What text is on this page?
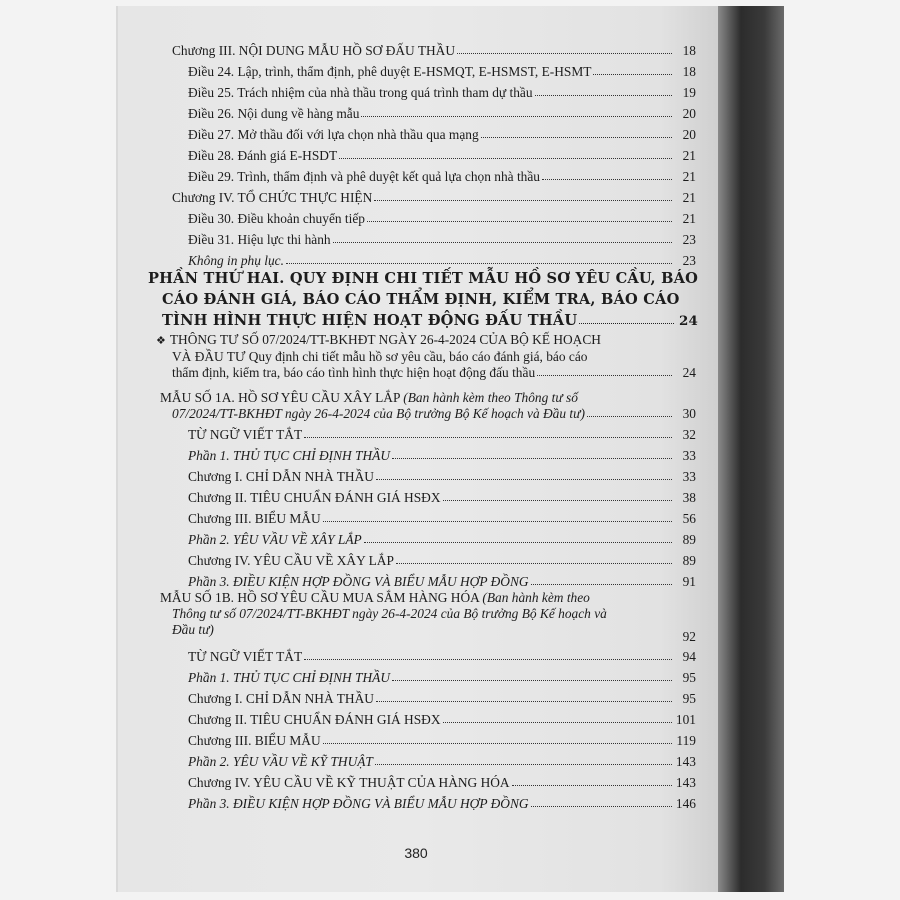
Chương III. NỘI DUNG MẪU HỒ SƠ ĐẤU THẦU	18
Điều 24. Lập, trình, thẩm định, phê duyệt E-HSMQT, E-HSMST, E-HSMT	18
Điều 25. Trách nhiệm của nhà thầu trong quá trình tham dự thầu	19
Điều 26. Nội dung về hàng mẫu	20
Điều 27. Mở thầu đối với lựa chọn nhà thầu qua mạng	20
Điều 28. Đánh giá E-HSDT	21
Điều 29. Trình, thẩm định và phê duyệt kết quả lựa chọn nhà thầu	21
Chương IV. TỔ CHỨC THỰC HIỆN	21
Điều 30. Điều khoản chuyển tiếp	21
Điều 31. Hiệu lực thi hành	23
Không in phụ lục.	23
PHẦN THỨ HAI. QUY ĐỊNH CHI TIẾT MẪU HỒ SƠ YÊU CẦU, BÁO
CÁO ĐÁNH GIÁ, BÁO CÁO THẨM ĐỊNH, KIỂM TRA, BÁO CÁO
TÌNH HÌNH THỰC HIỆN HOẠT ĐỘNG ĐẤU THẦU	24
❖ THÔNG TƯ SỐ 07/2024/TT-BKHĐT NGÀY 26-4-2024 CỦA BỘ KẾ HOẠCH
VÀ ĐẦU TƯ Quy định chi tiết mẫu hồ sơ yêu cầu, báo cáo đánh giá, báo cáo
thẩm định, kiểm tra, báo cáo tình hình thực hiện hoạt động đấu thầu	24
MẪU SỐ 1A. HỒ SƠ YÊU CẦU XÂY LẮP (Ban hành kèm theo Thông tư số
07/2024/TT-BKHĐT ngày 26-4-2024 của Bộ trưởng Bộ Kế hoạch và Đầu tư)	30
TỪ NGỮ VIẾT TẮT	32
Phần 1. THỦ TỤC CHỈ ĐỊNH THẦU	33
Chương I. CHỈ DẪN NHÀ THẦU	33
Chương II. TIÊU CHUẨN ĐÁNH GIÁ HSĐX	38
Chương III. BIỂU MẪU	56
Phần 2. YÊU VẦU VỀ XÂY LẮP	89
Chương IV. YÊU CẦU VỀ XÂY LẮP	89
Phần 3. ĐIỀU KIỆN HỢP ĐỒNG VÀ BIỂU MẪU HỢP ĐỒNG	91
MẪU SỐ 1B. HỒ SƠ YÊU CẦU MUA SẮM HÀNG HÓA (Ban hành kèm theo
Thông tư số 07/2024/TT-BKHĐT ngày 26-4-2024 của Bộ trưởng Bộ Kế hoạch và
Đầu tư)	92
TỪ NGỮ VIẾT TẮT	94
Phần 1. THỦ TỤC CHỈ ĐỊNH THẦU	95
Chương I. CHỈ DẪN NHÀ THẦU	95
Chương II. TIÊU CHUẨN ĐÁNH GIÁ HSĐX	101
Chương III. BIỂU MẪU	119
Phần 2. YÊU VẦU VỀ KỸ THUẬT	143
Chương IV. YÊU CẦU VỀ KỸ THUẬT CỦA HÀNG HÓA	143
Phần 3. ĐIỀU KIỆN HỢP ĐỒNG VÀ BIỂU MẪU HỢP ĐỒNG	146
380
